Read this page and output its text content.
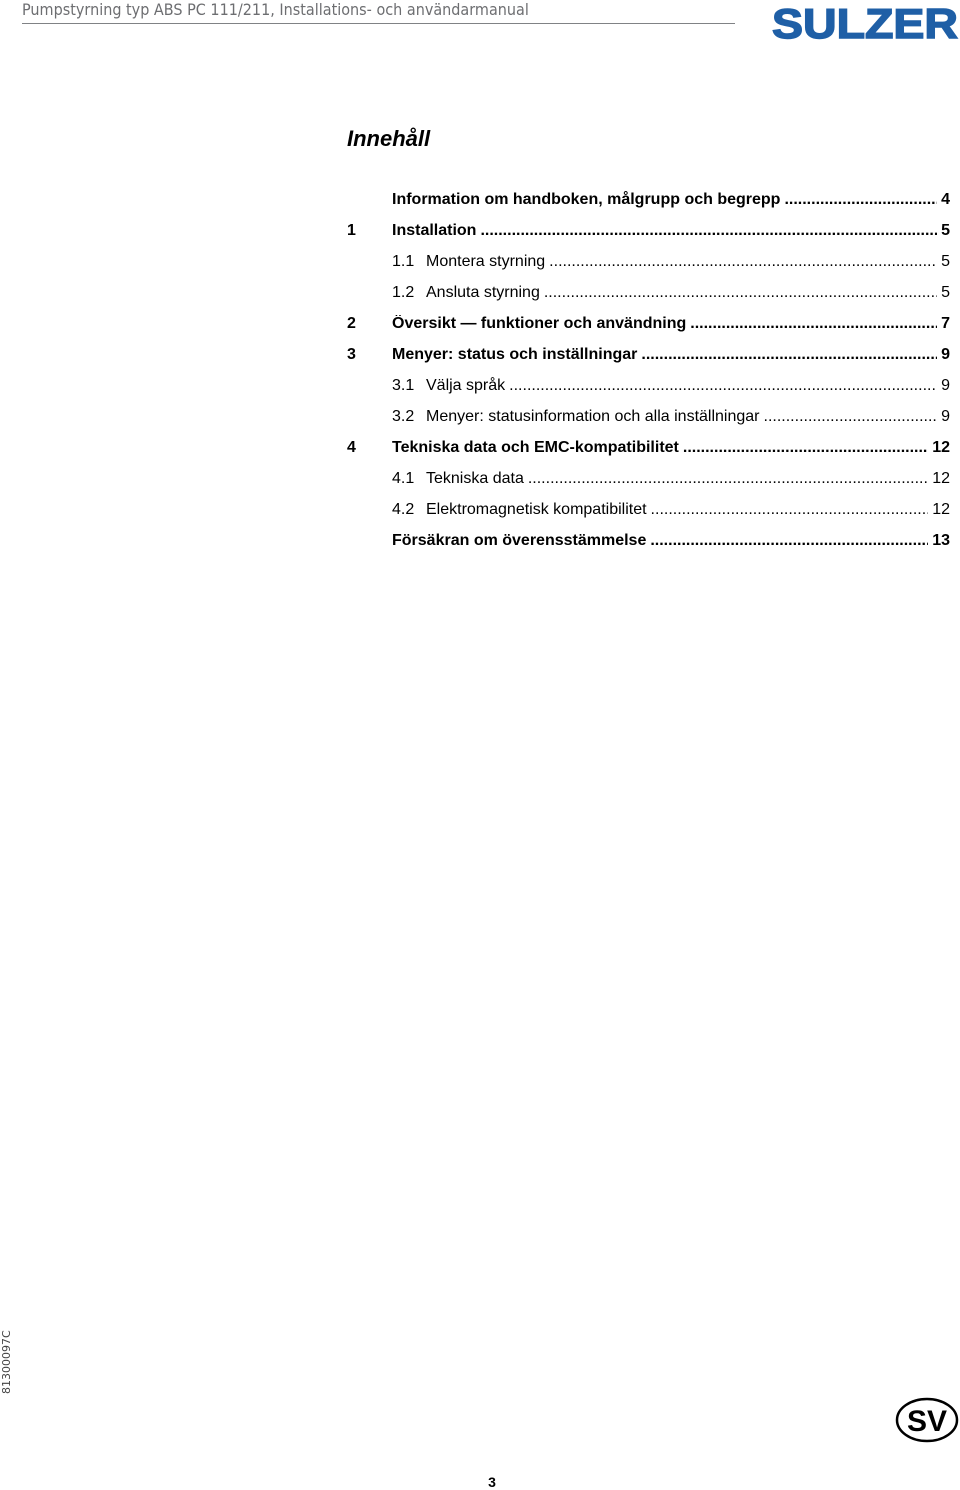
Pumpstyrning typ ABS PC 111/211, Installations- och användarmanual	SULZER
Innehåll
Information om handboken, målgrupp och begrepp .....	4
1	Installation .....	5
1.1 Montera styrning .....	5
1.2 Ansluta styrning .....	5
2	Översikt — funktioner och användning .....	7
3	Menyer: status och inställningar .....	9
3.1 Välja språk .....	9
3.2 Menyer: statusinformation och alla inställningar .....	9
4	Tekniska data och EMC-kompatibilitet .....	12
4.1 Tekniska data .....	12
4.2 Elektromagnetisk kompatibilitet .....	12
Försäkran om överensstämmelse .....	13
81300097C
SV
3
